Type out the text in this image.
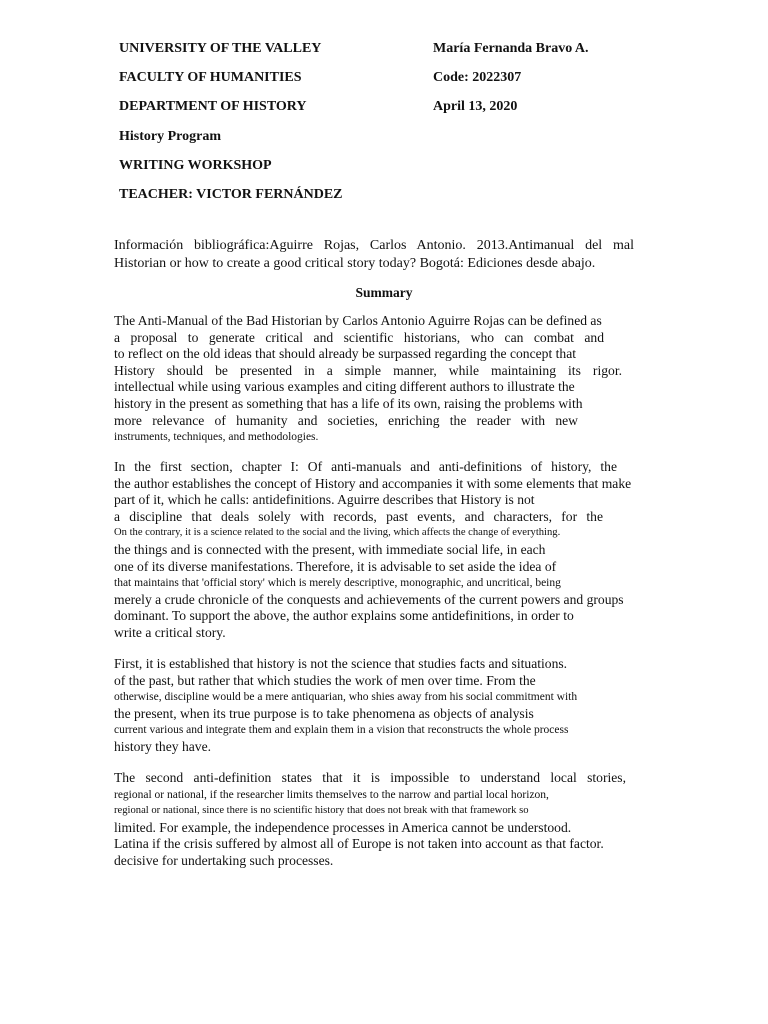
UNIVERSITY OF THE VALLEY
FACULTY OF HUMANITIES
DEPARTMENT OF HISTORY
History Program
WRITING WORKSHOP
TEACHER: VICTOR FERNÁNDEZ
María Fernanda Bravo A.
Code: 2022307
April 13, 2020
Información bibliográfica:Aguirre Rojas, Carlos Antonio. 2013.Antimanual del mal
Historian or how to create a good critical story today? Bogotá: Ediciones desde abajo.
Summary
The Anti-Manual of the Bad Historian by Carlos Antonio Aguirre Rojas can be defined as
a proposal to generate critical and scientific historians, who can combat and
to reflect on the old ideas that should already be surpassed regarding the concept that
History should be presented in a simple manner, while maintaining its rigor.
intellectual while using various examples and citing different authors to illustrate the
history in the present as something that has a life of its own, raising the problems with
more relevance of humanity and societies, enriching the reader with new
instruments, techniques, and methodologies.
In the first section, chapter I: Of anti-manuals and anti-definitions of history, the
the author establishes the concept of History and accompanies it with some elements that make
part of it, which he calls: antidefinitions. Aguirre describes that History is not
a discipline that deals solely with records, past events, and characters, for the
On the contrary, it is a science related to the social and the living, which affects the change of everything.
the things and is connected with the present, with immediate social life, in each
one of its diverse manifestations. Therefore, it is advisable to set aside the idea of
that maintains that 'official story' which is merely descriptive, monographic, and uncritical, being
merely a crude chronicle of the conquests and achievements of the current powers and groups
dominant. To support the above, the author explains some antidefinitions, in order to
write a critical story.
First, it is established that history is not the science that studies facts and situations.
of the past, but rather that which studies the work of men over time. From the
otherwise, discipline would be a mere antiquarian, who shies away from his social commitment with
the present, when its true purpose is to take phenomena as objects of analysis
current various and integrate them and explain them in a vision that reconstructs the whole process
history they have.
The second anti-definition states that it is impossible to understand local stories,
regional or national, if the researcher limits themselves to the narrow and partial local horizon,
regional or national, since there is no scientific history that does not break with that framework so
limited. For example, the independence processes in America cannot be understood.
Latina if the crisis suffered by almost all of Europe is not taken into account as that factor.
decisive for undertaking such processes.
